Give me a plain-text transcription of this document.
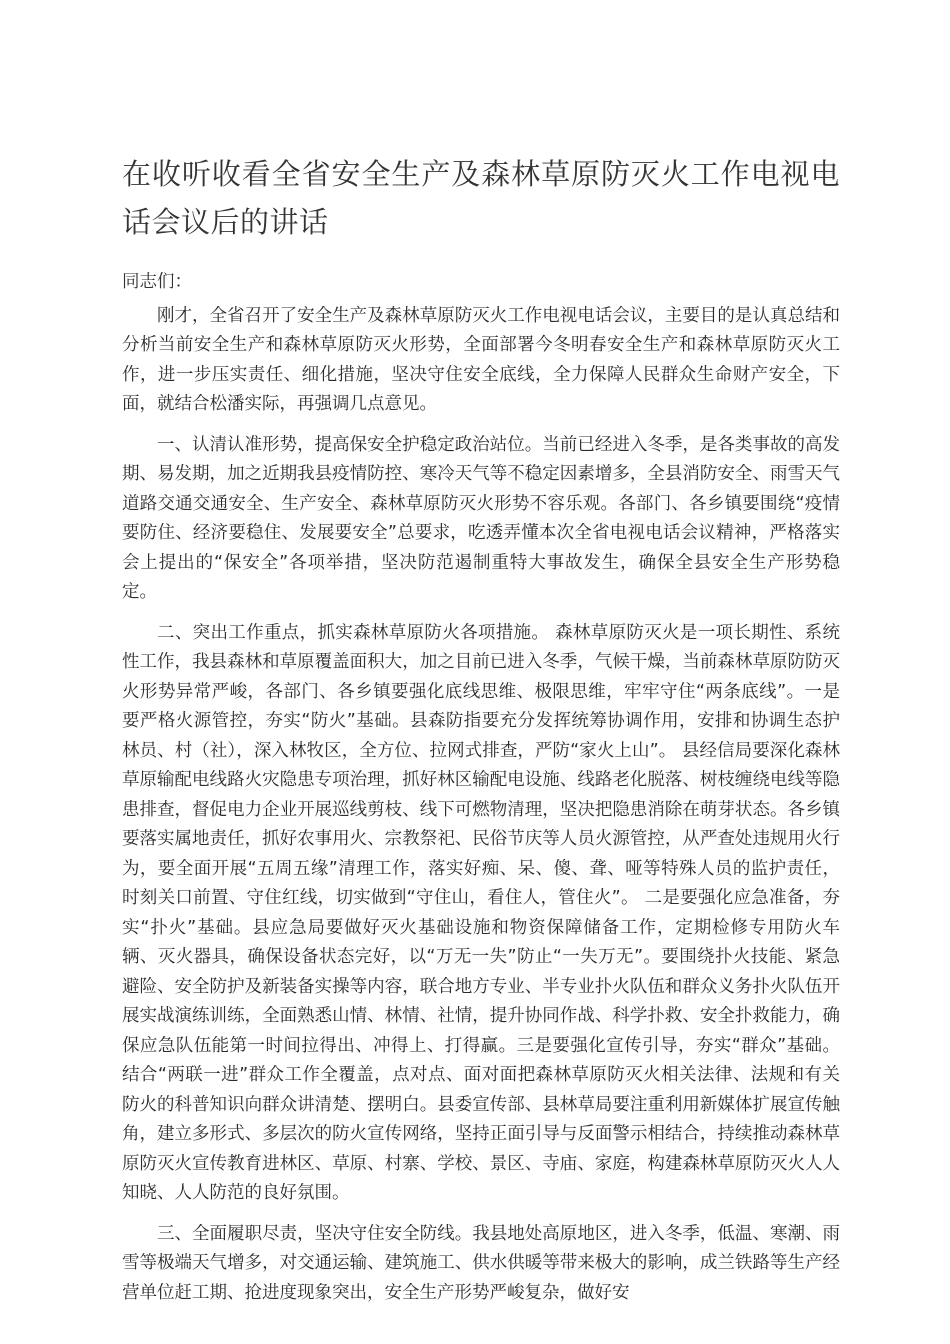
在收听收看全省安全生产及森林草原防灭火工作电视电话会议后的讲话

同志们：

刚才，全省召开了安全生产及森林草原防灭火工作电视电话会议，主要目的是认真总结和分析当前安全生产和森林草原防灭火形势，全面部署今冬明春安全生产和森林草原防灭火工作，进一步压实责任、细化措施，坚决守住安全底线，全力保障人民群众生命财产安全，下面，就结合松潘实际，再强调几点意见。

一、认清认准形势，提高保安全护稳定政治站位。当前已经进入冬季，是各类事故的高发期、易发期，加之近期我县疫情防控、寒冷天气等不稳定因素增多，全县消防安全、雨雪天气道路交通交通安全、生产安全、森林草原防灭火形势不容乐观。各部门、各乡镇要围绕“疫情要防住、经济要稳住、发展要安全”总要求，吃透弄懂本次全省电视电话会议精神，严格落实会上提出的“保安全”各项举措，坚决防范遏制重特大事故发生，确保全县安全生产形势稳定。

二、突出工作重点，抓实森林草原防火各项措施。 森林草原防灭火是一项长期性、系统性工作，我县森林和草原覆盖面积大，加之目前已进入冬季，气候干燥，当前森林草原防防灭火形势异常严峻，各部门、各乡镇要强化底线思维、极限思维，牢牢守住“两条底线”。一是要严格火源管控，夯实“防火”基础。县森防指要充分发挥统筹协调作用，安排和协调生态护林员、村（社），深入林牧区，全方位、拉网式排查，严防“家火上山”。 县经信局要深化森林草原输配电线路火灾隐患专项治理，抓好林区输配电设施、线路老化脱落、树枝缠绕电线等隐患排查，督促电力企业开展巡线剪枝、线下可燃物清理，坚决把隐患消除在萌芽状态。各乡镇要落实属地责任，抓好农事用火、宗教祭祀、民俗节庆等人员火源管控，从严查处违规用火行为，要全面开展“五周五缘”清理工作，落实好痴、呆、傻、聋、哑等特殊人员的监护责任，时刻关口前置、守住红线，切实做到“守住山，看住人，管住火”。 二是要强化应急准备，夯实“扑火”基础。县应急局要做好灭火基础设施和物资保障储备工作，定期检修专用防火车辆、灭火器具，确保设备状态完好，以“万无一失”防止“一失万无”。要围绕扑火技能、紧急避险、安全防护及新装备实操等内容，联合地方专业、半专业扑火队伍和群众义务扑火队伍开展实战演练训练，全面熟悉山情、林情、社情，提升协同作战、科学扑救、安全扑救能力，确保应急队伍能第一时间拉得出、冲得上、打得赢。三是要强化宣传引导，夯实“群众”基础。结合“两联一进”群众工作全覆盖，点对点、面对面把森林草原防灭火相关法律、法规和有关防火的科普知识向群众讲清楚、摆明白。县委宣传部、县林草局要注重利用新媒体扩展宣传触角，建立多形式、多层次的防火宣传网络，坚持正面引导与反面警示相结合，持续推动森林草原防灭火宣传教育进林区、草原、村寨、学校、景区、寺庙、家庭，构建森林草原防灭火人人知晓、人人防范的良好氛围。

三、全面履职尽责，坚决守住安全防线。我县地处高原地区，进入冬季，低温、寒潮、雨雪等极端天气增多，对交通运输、建筑施工、供水供暖等带来极大的影响，成兰铁路等生产经营单位赶工期、抢进度现象突出，安全生产形势严峻复杂，做好安
